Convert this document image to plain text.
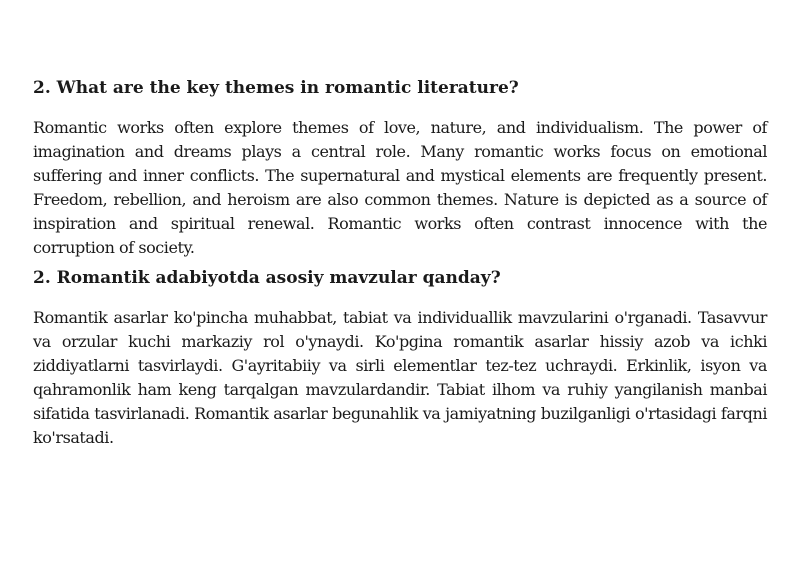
2. What are the key themes in romantic literature?

Romantic works often explore themes of love, nature, and individualism. The power of imagination and dreams plays a central role. Many romantic works focus on emotional suffering and inner conflicts. The supernatural and mystical elements are frequently present. Freedom, rebellion, and heroism are also common themes. Nature is depicted as a source of inspiration and spiritual renewal. Romantic works often contrast innocence with the corruption of society.

2. Romantik adabiyotda asosiy mavzular qanday?

Romantik asarlar ko'pincha muhabbat, tabiat va individuallik mavzularini o'rganadi. Tasavvur va orzular kuchi markaziy rol o'ynaydi. Ko'pgina romantik asarlar hissiy azob va ichki ziddiyatlarni tasvirlaydi. G'ayritabiiy va sirli elementlar tez-tez uchraydi. Erkinlik, isyon va qahramonlik ham keng tarqalgan mavzulardandir. Tabiat ilhom va ruhiy yangilanish manbai sifatida tasvirlanadi. Romantik asarlar begunahlik va jamiyatning buzilganligi o'rtasidagi farqni ko'rsatadi.
